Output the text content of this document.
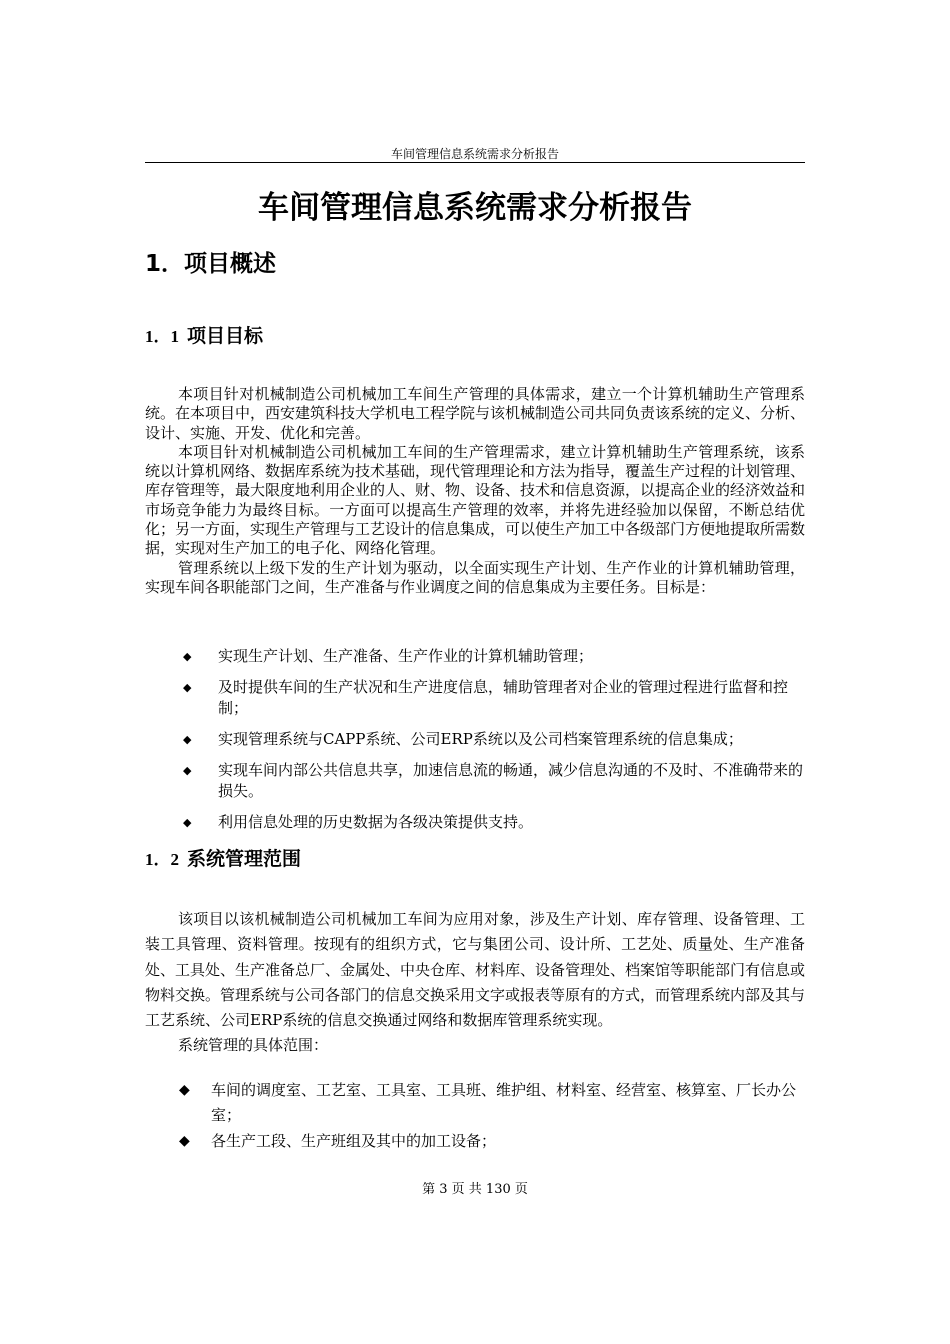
车间管理信息系统需求分析报告
车间管理信息系统需求分析报告
1．项目概述
1．1 项目目标

本项目针对机械制造公司机械加工车间生产管理的具体需求，建立一个计算机辅助生产管理系统。在本项目中，西安建筑科技大学机电工程学院与该机械制造公司共同负责该系统的定义、分析、设计、实施、开发、优化和完善。

本项目针对机械制造公司机械加工车间的生产管理需求，建立计算机辅助生产管理系统，该系统以计算机网络、数据库系统为技术基础，现代管理理论和方法为指导，覆盖生产过程的计划管理、库存管理等，最大限度地利用企业的人、财、物、设备、技术和信息资源，以提高企业的经济效益和市场竞争能力为最终目标。一方面可以提高生产管理的效率，并将先进经验加以保留，不断总结优化；另一方面，实现生产管理与工艺设计的信息集成，可以使生产加工中各级部门方便地提取所需数据，实现对生产加工的电子化、网络化管理。

管理系统以上级下发的生产计划为驱动，以全面实现生产计划、生产作业的计算机辅助管理，实现车间各职能部门之间，生产准备与作业调度之间的信息集成为主要任务。目标是：

◆ 实现生产计划、生产准备、生产作业的计算机辅助管理；
◆ 及时提供车间的生产状况和生产进度信息，辅助管理者对企业的管理过程进行监督和控制；
◆ 实现管理系统与CAPP系统、公司ERP系统以及公司档案管理系统的信息集成；
◆ 实现车间内部公共信息共享，加速信息流的畅通，减少信息沟通的不及时、不准确带来的损失。
◆ 利用信息处理的历史数据为各级决策提供支持。
1．2 系统管理范围

该项目以该机械制造公司机械加工车间为应用对象，涉及生产计划、库存管理、设备管理、工装工具管理、资料管理。按现有的组织方式，它与集团公司、设计所、工艺处、质量处、生产准备处、工具处、生产准备总厂、金属处、中央仓库、材料库、设备管理处、档案馆等职能部门有信息或物料交换。管理系统与公司各部门的信息交换采用文字或报表等原有的方式，而管理系统内部及其与工艺系统、公司ERP系统的信息交换通过网络和数据库管理系统实现。

系统管理的具体范围：

◆ 车间的调度室、工艺室、工具室、工具班、维护组、材料室、经营室、核算室、厂长办公室；
◆ 各生产工段、生产班组及其中的加工设备；
第 3 页 共 130 页
